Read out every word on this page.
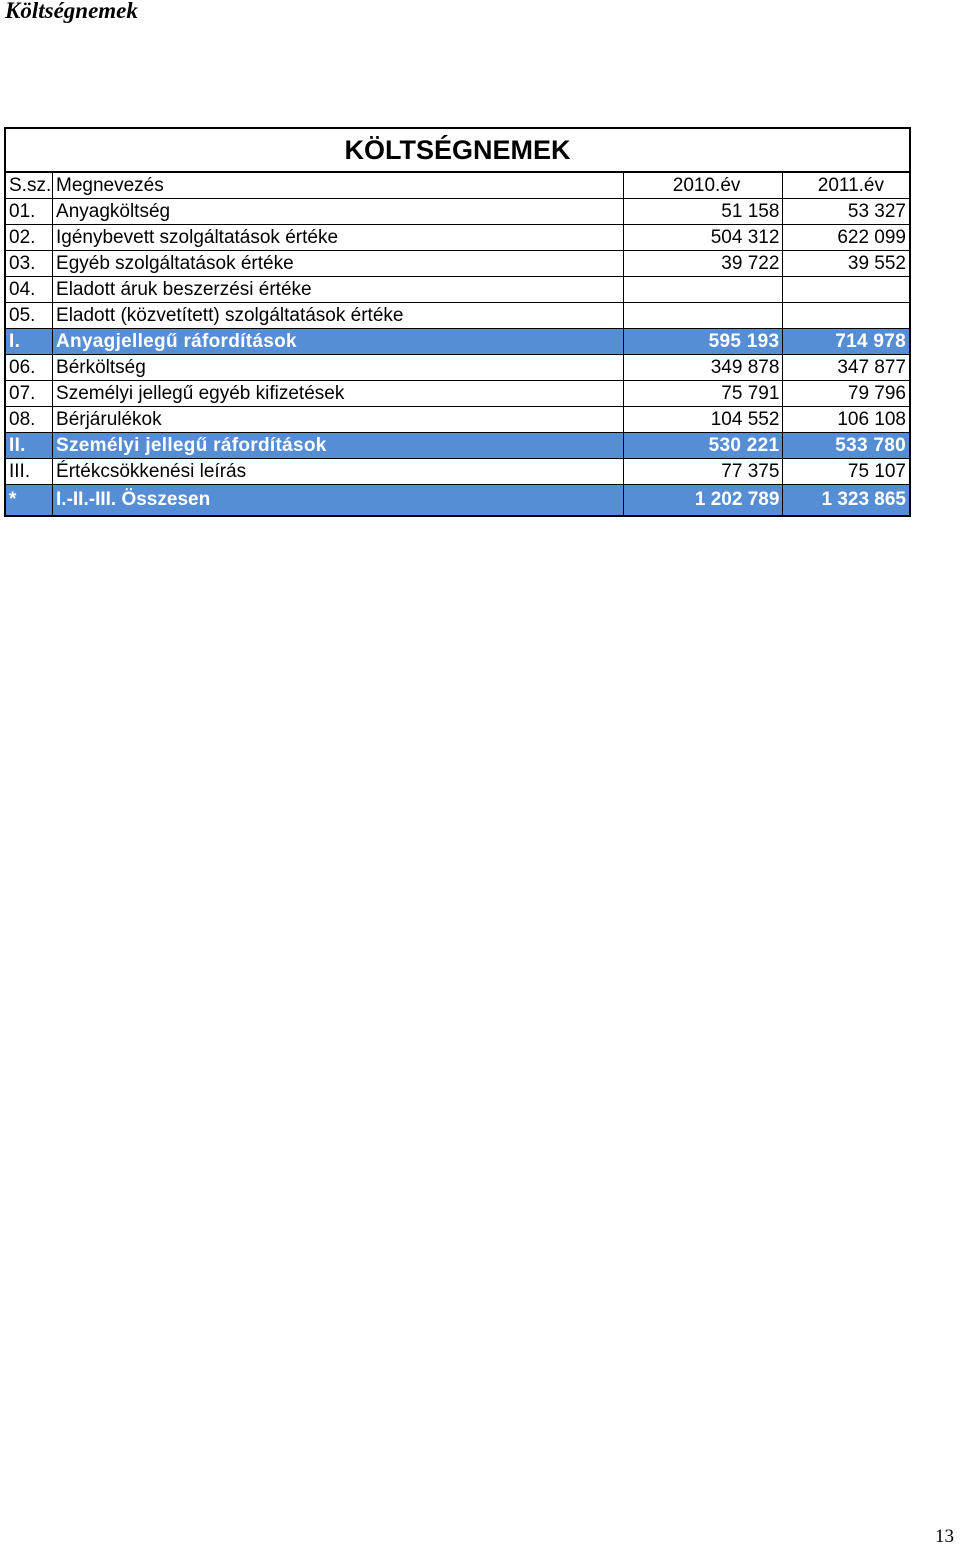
Költségnemek
KÖLTSÉGNEMEK			
S.sz.	Megnevezés	2010.év	2011.év
01.	Anyagköltség	51 158	53 327
02.	Igénybevett szolgáltatások értéke	504 312	622 099
03.	Egyéb szolgáltatások értéke	39 722	39 552
04.	Eladott áruk beszerzési értéke		
05.	Eladott (közvetített) szolgáltatások értéke		
I.	Anyagjellegű ráfordítások	595 193	714 978
06.	Bérköltség	349 878	347 877
07.	Személyi jellegű egyéb kifizetések	75 791	79 796
08.	Bérjárulékok	104 552	106 108
II.	Személyi jellegű ráfordítások	530 221	533 780
III.	Értékcsökkenési leírás	77 375	75 107
*	I.-II.-III. Összesen	1 202 789	1 323 865
13
